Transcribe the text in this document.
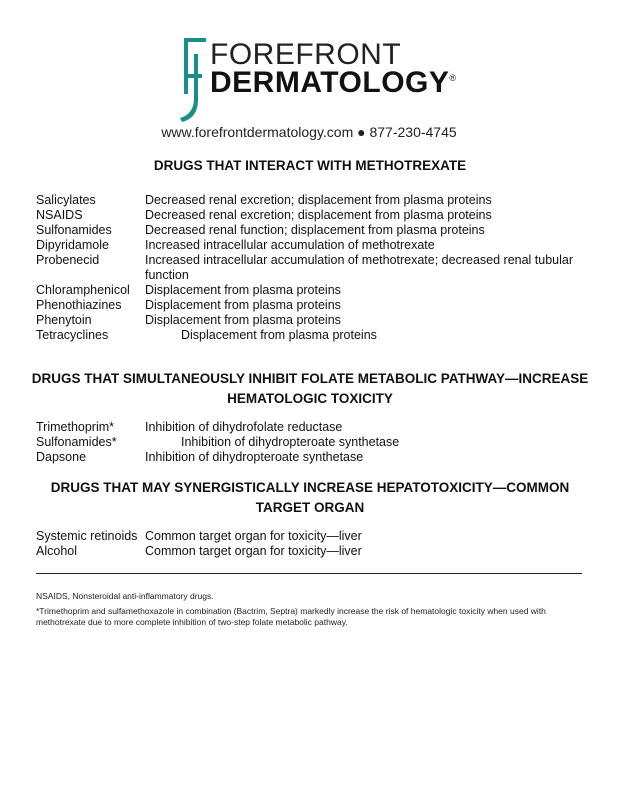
FOREFRONT
DERMATOLOGY®
www.forefrontdermatology.com ● 877-230-4745
DRUGS THAT INTERACT WITH METHOTREXATE
Salicylates	Decreased renal excretion; displacement from plasma proteins
NSAIDS	Decreased renal excretion; displacement from plasma proteins
Sulfonamides	Decreased renal function; displacement from plasma proteins
Dipyridamole	Increased intracellular accumulation of methotrexate
Probenecid	Increased intracellular accumulation of methotrexate; decreased renal tubular function
Chloramphenicol	Displacement from plasma proteins
Phenothiazines	Displacement from plasma proteins
Phenytoin	Displacement from plasma proteins
Tetracyclines	Displacement from plasma proteins
DRUGS THAT SIMULTANEOUSLY INHIBIT FOLATE METABOLIC PATHWAY—INCREASE HEMATOLOGIC TOXICITY
Trimethoprim*	Inhibition of dihydrofolate reductase
Sulfonamides*	Inhibition of dihydropteroate synthetase
Dapsone	Inhibition of dihydropteroate synthetase
DRUGS THAT MAY SYNERGISTICALLY INCREASE HEPATOTOXICITY—COMMON TARGET ORGAN
Systemic retinoids Common target organ for toxicity—liver
Alcohol	Common target organ for toxicity—liver
NSAIDS, Nonsteroidal anti-inflammatory drugs.
*Trimethoprim and sulfamethoxazole in combination (Bactrim, Septra) markedly increase the risk of hematologic toxicity when used with methotrexate due to more complete inhibition of two-step folate metabolic pathway.
